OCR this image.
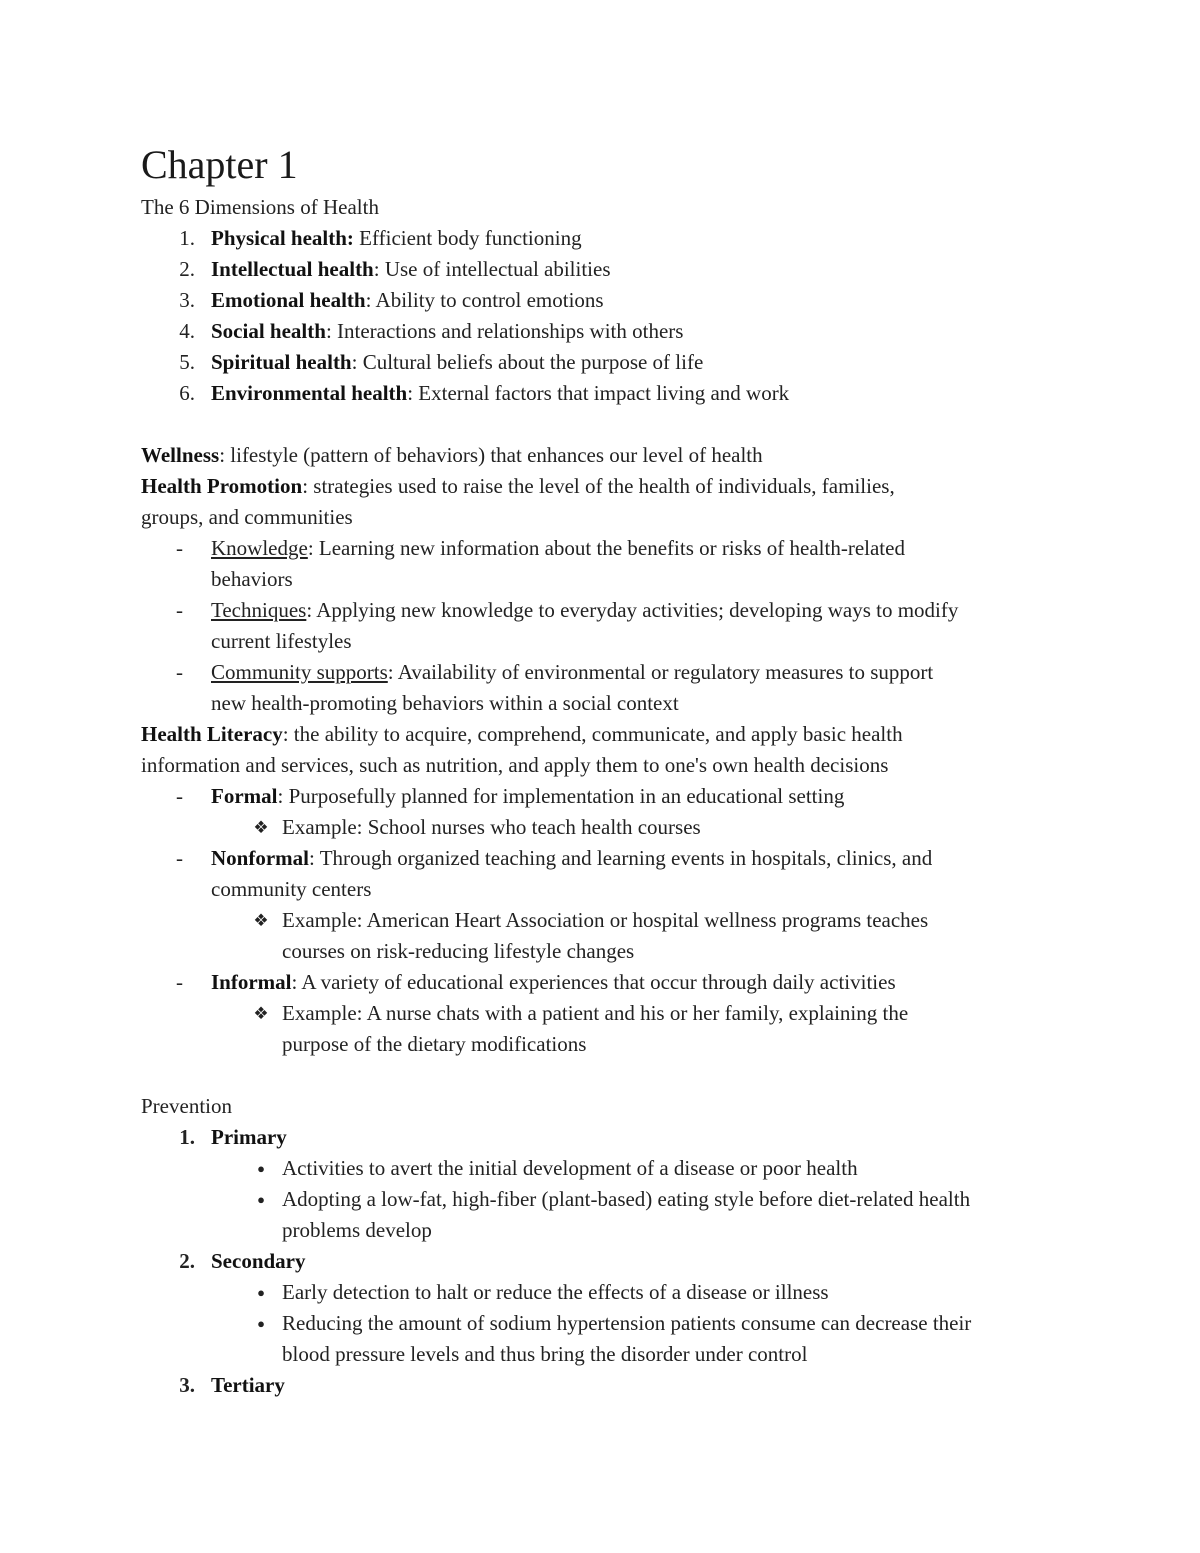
Chapter 1
The 6 Dimensions of Health
1. Physical health: Efficient body functioning
2. Intellectual health: Use of intellectual abilities
3. Emotional health: Ability to control emotions
4. Social health: Interactions and relationships with others
5. Spiritual health: Cultural beliefs about the purpose of life
6. Environmental health: External factors that impact living and work
Wellness: lifestyle (pattern of behaviors) that enhances our level of health
Health Promotion: strategies used to raise the level of the health of individuals, families,
groups, and communities
- Knowledge: Learning new information about the benefits or risks of health-related
behaviors
- Techniques: Applying new knowledge to everyday activities; developing ways to modify
current lifestyles
- Community supports: Availability of environmental or regulatory measures to support
new health-promoting behaviors within a social context
Health Literacy: the ability to acquire, comprehend, communicate, and apply basic health
information and services, such as nutrition, and apply them to one's own health decisions
- Formal: Purposefully planned for implementation in an educational setting
❖ Example: School nurses who teach health courses
- Nonformal: Through organized teaching and learning events in hospitals, clinics, and
community centers
❖ Example: American Heart Association or hospital wellness programs teaches
courses on risk-reducing lifestyle changes
- Informal: A variety of educational experiences that occur through daily activities
❖ Example: A nurse chats with a patient and his or her family, explaining the
purpose of the dietary modifications
Prevention
1. Primary
● Activities to avert the initial development of a disease or poor health
● Adopting a low-fat, high-fiber (plant-based) eating style before diet-related health
problems develop
2. Secondary
● Early detection to halt or reduce the effects of a disease or illness
● Reducing the amount of sodium hypertension patients consume can decrease their
blood pressure levels and thus bring the disorder under control
3. Tertiary
